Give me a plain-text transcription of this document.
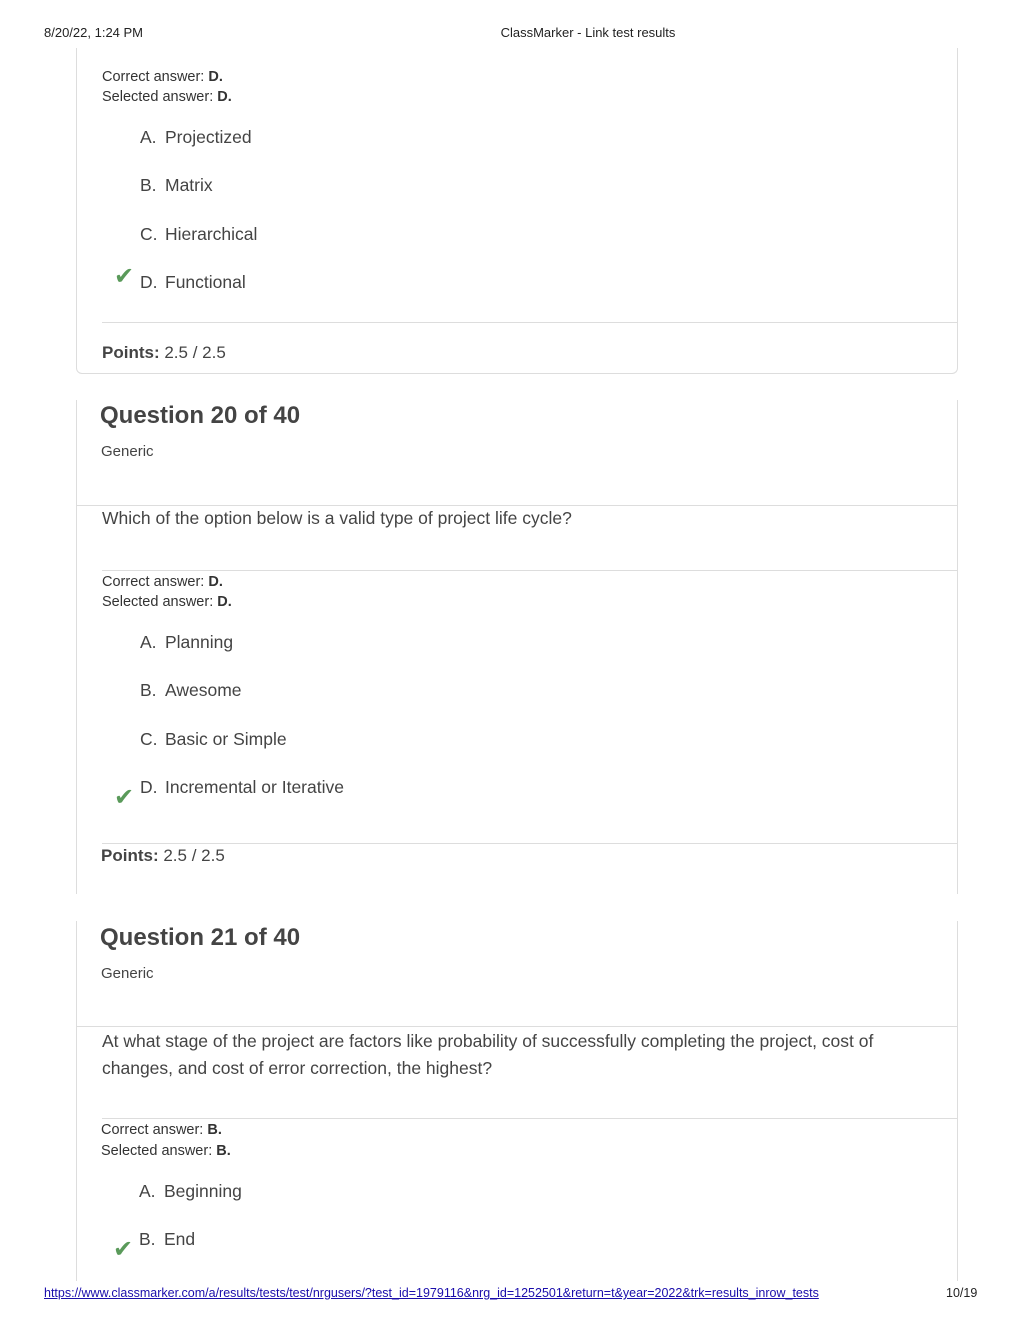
8/20/22, 1:24 PM	ClassMarker - Link test results
Correct answer: D.
Selected answer: D.
A. Projectized
B. Matrix
C. Hierarchical
✔ D. Functional
Points: 2.5 / 2.5
Question 20 of 40
Generic
Which of the option below is a valid type of project life cycle?
Correct answer: D.
Selected answer: D.
A. Planning
B. Awesome
C. Basic or Simple
D. Incremental or Iterative
✔
Points: 2.5 / 2.5
Question 21 of 40
Generic
At what stage of the project are factors like probability of successfully completing the project, cost of changes, and cost of error correction, the highest?
Correct answer: B.
Selected answer: B.
A. Beginning
B. End
✔
https://www.classmarker.com/a/results/tests/test/nrgusers/?test_id=1979116&nrg_id=1252501&return=t&year=2022&trk=results_inrow_tests	10/19
